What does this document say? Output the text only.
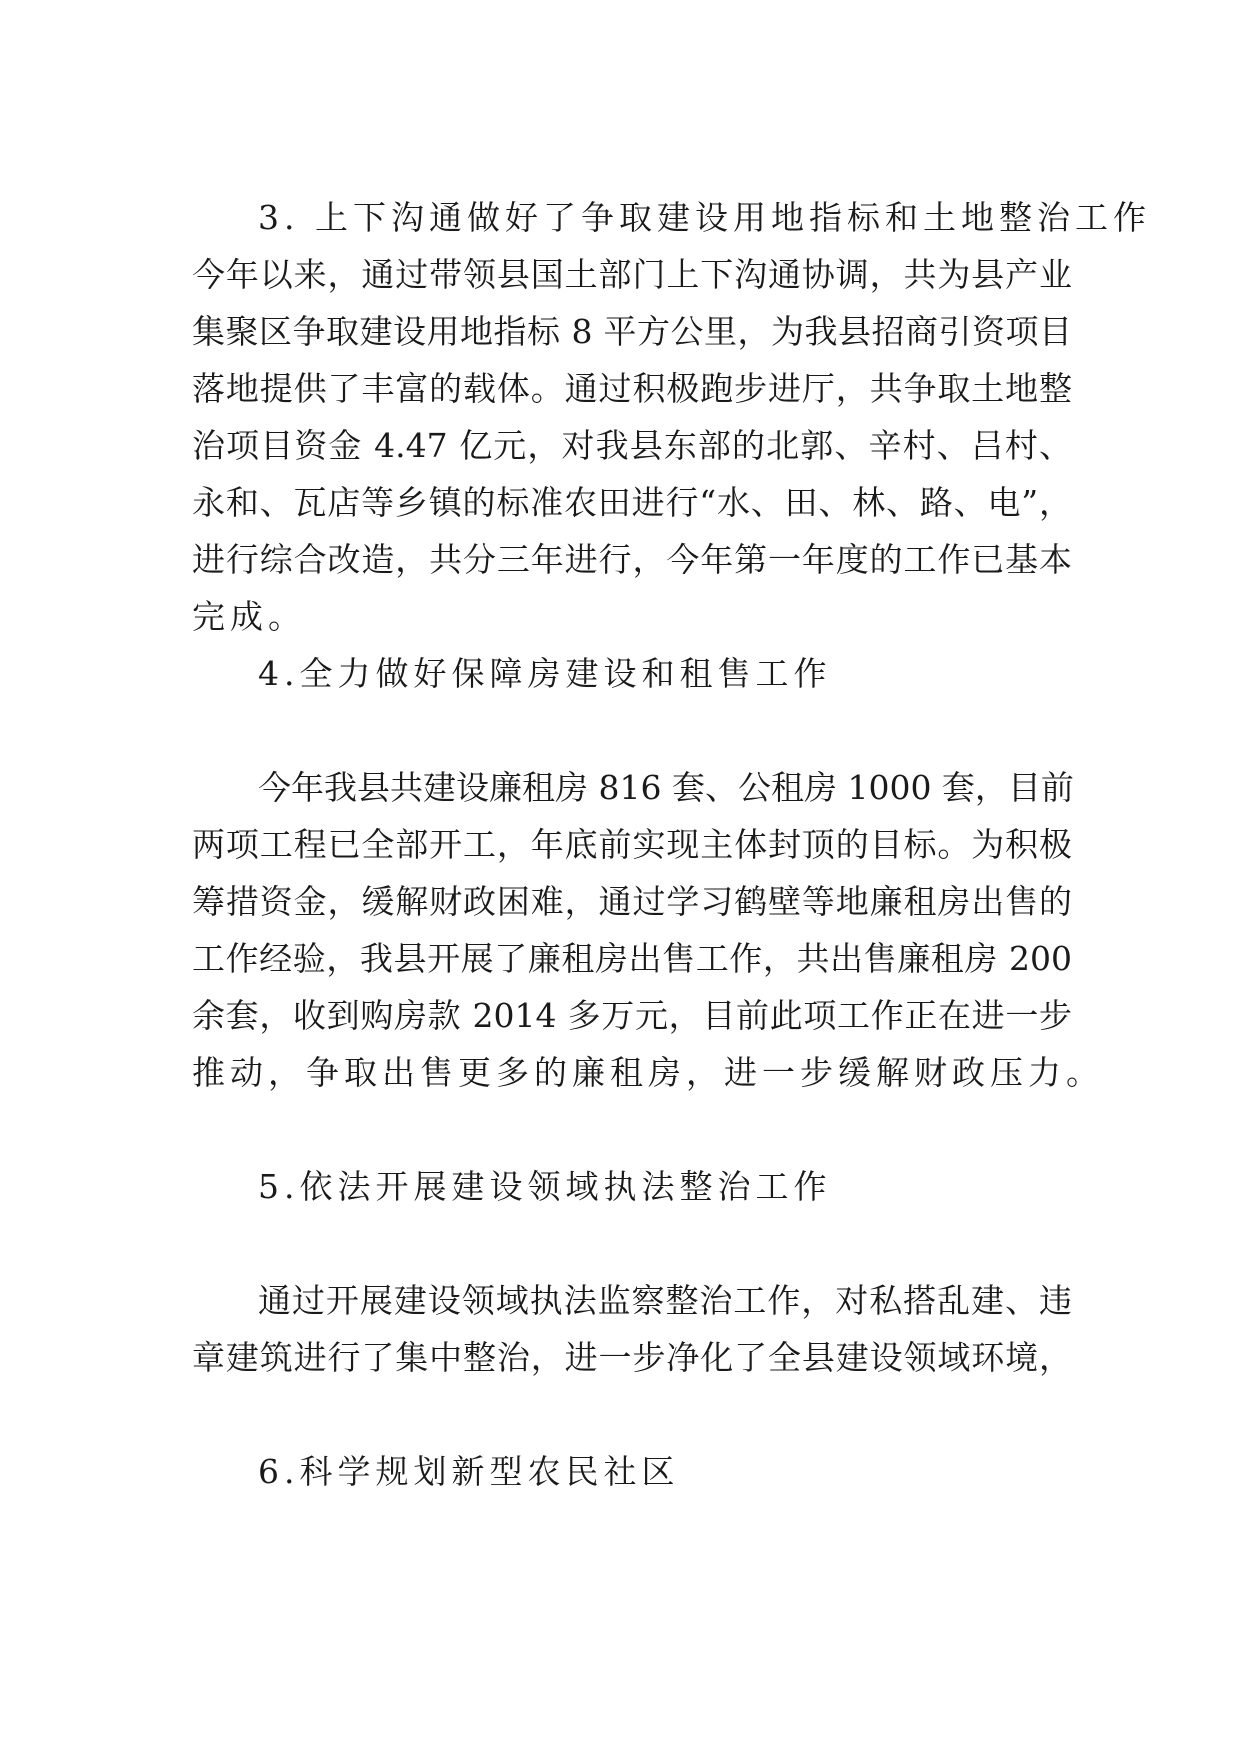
3. 上下沟通做好了争取建设用地指标和土地整治工作
今年以来，通过带领县国土部门上下沟通协调，共为县产业
集聚区争取建设用地指标 8 平方公里，为我县招商引资项目
落地提供了丰富的载体。通过积极跑步进厅，共争取土地整
治项目资金 4.47 亿元，对我县东部的北郭、辛村、吕村、
永和、瓦店等乡镇的标准农田进行“水、田、林、路、电”，
进行综合改造，共分三年进行，今年第一年度的工作已基本
完成。
4.全力做好保障房建设和租售工作
今年我县共建设廉租房 816 套、公租房 1000 套，目前
两项工程已全部开工，年底前实现主体封顶的目标。为积极
筹措资金，缓解财政困难，通过学习鹤壁等地廉租房出售的
工作经验，我县开展了廉租房出售工作，共出售廉租房 200
余套，收到购房款 2014 多万元，目前此项工作正在进一步
推动，争取出售更多的廉租房，进一步缓解财政压力。
5.依法开展建设领域执法整治工作
通过开展建设领域执法监察整治工作，对私搭乱建、违
章建筑进行了集中整治，进一步净化了全县建设领域环境，
6.科学规划新型农民社区
